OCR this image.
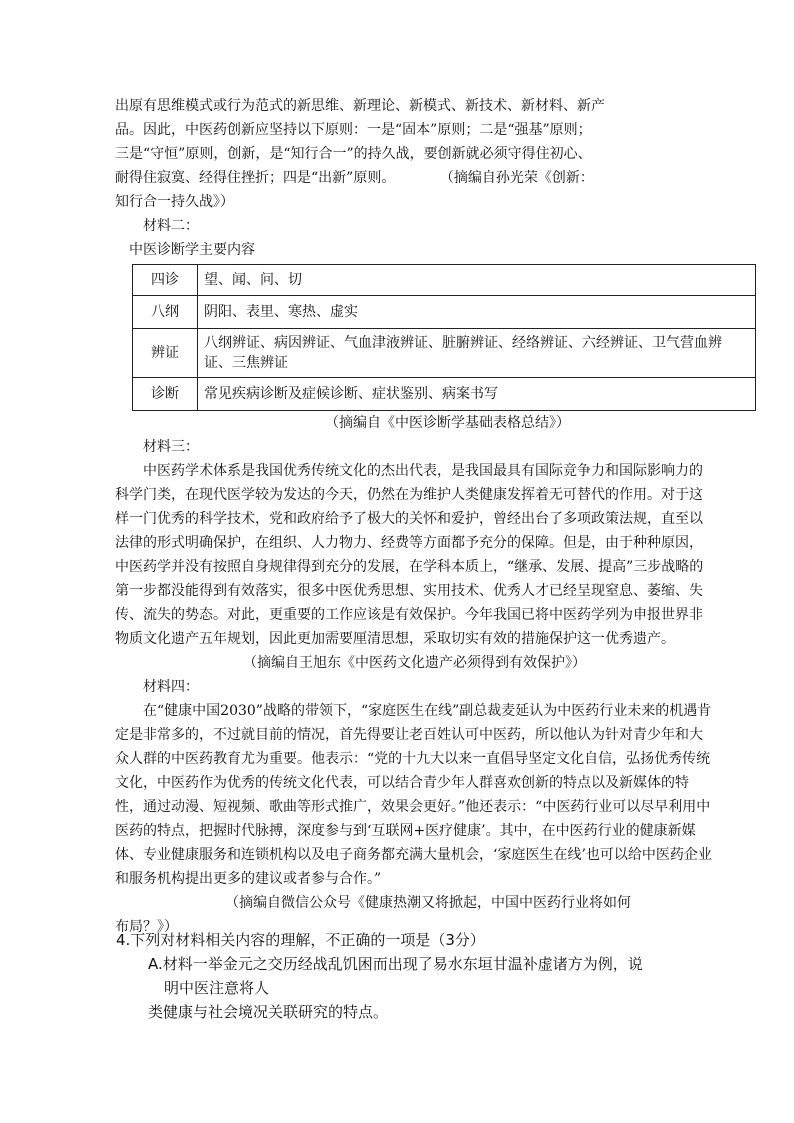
出原有思维模式或行为范式的新思维、新理论、新模式、新技术、新材料、新产

品。因此，中医药创新应坚持以下原则：一是“固本”原则；二是“强基”原则；

三是“守恒”原则，创新，是“知行合一”的持久战，要创新就必须守得住初心、

耐得住寂寞、经得住挫折；四是“出新”原则。          （摘编自孙光荣《创新：

知行合一持久战》）

材料二：

中医诊断学主要内容

四诊	望、闻、问、切
八纲	阴阳、表里、寒热、虚实
辨证	八纲辨证、病因辨证、气血津液辨证、脏腑辨证、经络辨证、六经辨证、卫气营血辨证、三焦辨证
诊断	常见疾病诊断及症候诊断、症状鉴别、病案书写

（摘编自《中医诊断学基础表格总结》）

材料三：

中医药学术体系是我国优秀传统文化的杰出代表，是我国最具有国际竞争力和国际影响力的科学门类，在现代医学较为发达的今天，仍然在为维护人类健康发挥着无可替代的作用。对于这样一门优秀的科学技术，党和政府给予了极大的关怀和爱护，曾经出台了多项政策法规，直至以法律的形式明确保护，在组织、人力物力、经费等方面都予充分的保障。但是，由于种种原因，中医药学并没有按照自身规律得到充分的发展，在学科本质上，“继承、发展、提高”三步战略的第一步都没能得到有效落实，很多中医优秀思想、实用技术、优秀人才已经呈现窒息、萎缩、失传、流失的势态。对此，更重要的工作应该是有效保护。今年我国已将中医药学列为申报世界非物质文化遗产五年规划，因此更加需要厘清思想，采取切实有效的措施保护这一优秀遗产。

（摘编自王旭东《中医药文化遗产必须得到有效保护》）

材料四：

在“健康中国2030”战略的带领下，“家庭医生在线”副总裁麦延认为中医药行业未来的机遇肯定是非常多的，不过就目前的情况，首先得要让老百姓认可中医药，所以他认为针对青少年和大众人群的中医药教育尤为重要。他表示：“党的十九大以来一直倡导坚定文化自信，弘扬优秀传统文化，中医药作为优秀的传统文化代表，可以结合青少年人群喜欢创新的特点以及新媒体的特性，通过动漫、短视频、歌曲等形式推广，效果会更好。”他还表示：“中医药行业可以尽早利用中医药的特点，把握时代脉搏，深度参与到‘互联网+医疗健康’。其中，在中医药行业的健康新媒体、专业健康服务和连锁机构以及电子商务都充满大量机会，‘家庭医生在线’也可以给中医药企业和服务机构提出更多的建议或者参与合作。”

（摘编自微信公众号《健康热潮又将掀起，中国中医药行业将如何

布局？》）

4.下列对材料相关内容的理解，不正确的一项是（3分）

A.材料一举金元之交历经战乱饥困而出现了易水东垣甘温补虚诸方为例，说

明中医注意将人

类健康与社会境况关联研究的特点。
